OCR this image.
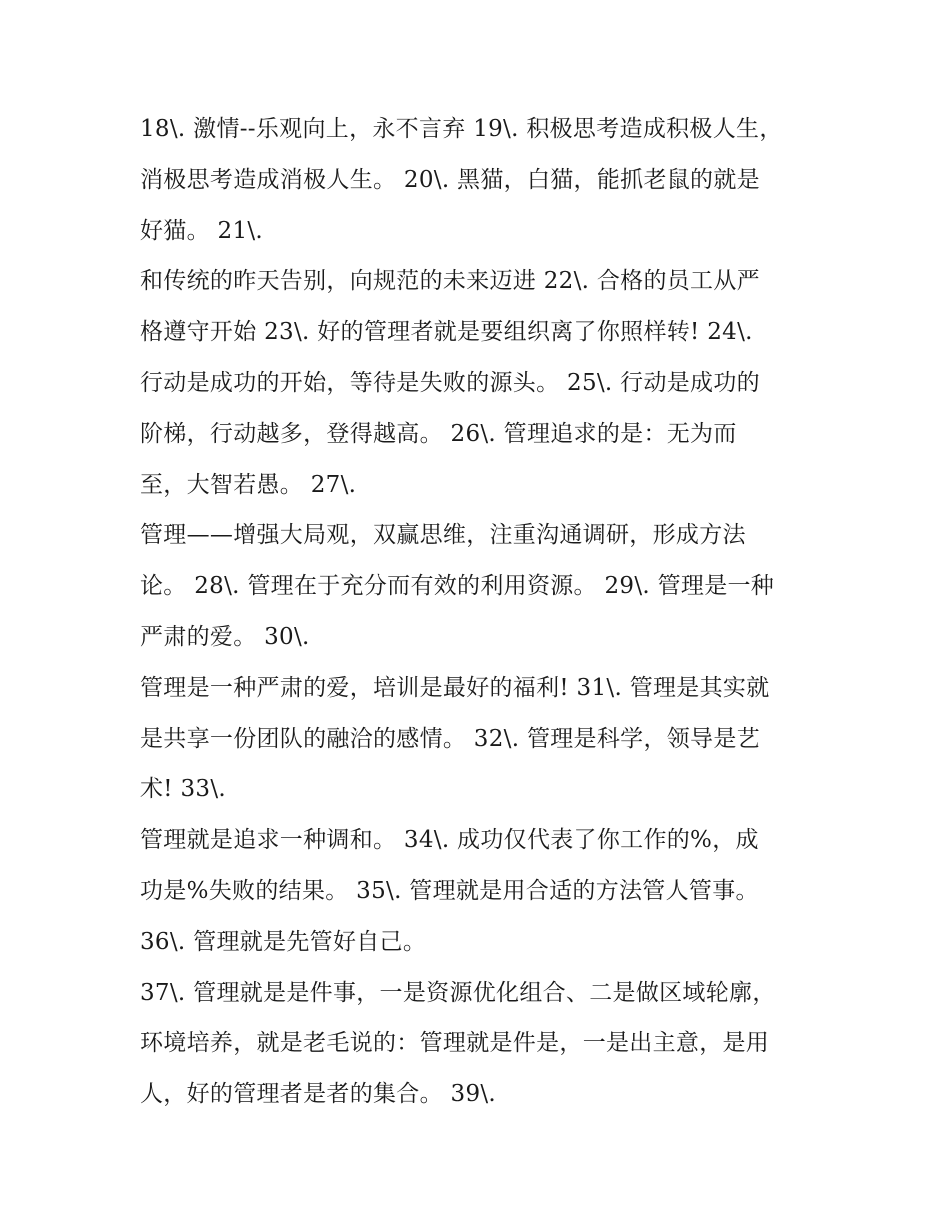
18\. 激情--乐观向上，永不言弃 19\. 积极思考造成积极人生，
消极思考造成消极人生。 20\. 黑猫，白猫，能抓老鼠的就是
好猫。 21\.
和传统的昨天告别，向规范的未来迈进 22\. 合格的员工从严
格遵守开始 23\. 好的管理者就是要组织离了你照样转! 24\.
行动是成功的开始，等待是失败的源头。 25\. 行动是成功的
阶梯，行动越多，登得越高。 26\. 管理追求的是：无为而
至，大智若愚。 27\.
管理——增强大局观，双赢思维，注重沟通调研，形成方法
论。 28\. 管理在于充分而有效的利用资源。 29\. 管理是一种
严肃的爱。 30\.
管理是一种严肃的爱，培训是最好的福利! 31\. 管理是其实就
是共享一份团队的融洽的感情。 32\. 管理是科学，领导是艺
术! 33\.
管理就是追求一种调和。 34\. 成功仅代表了你工作的%，成
功是%失败的结果。 35\. 管理就是用合适的方法管人管事。
36\. 管理就是先管好自己。
37\. 管理就是是件事，一是资源优化组合、二是做区域轮廓，
环境培养，就是老毛说的：管理就是件是，一是出主意，是用
人，好的管理者是者的集合。 39\.
